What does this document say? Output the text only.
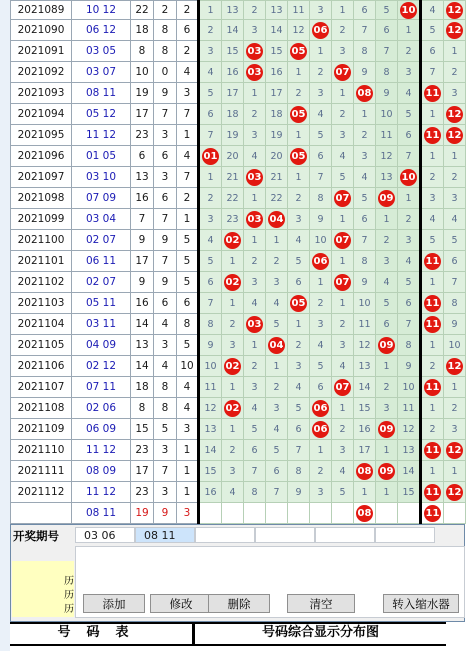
2021089	10 12	22	2	2	1	13	2	13	11	3	1	6	5	10	4	12
2021090	06 12	18	8	6	2	14	3	14	12	06	2	7	6	1	5	12
2021091	03 05	8	8	2	3	15	03	15	05	1	3	8	7	2	6	1
2021092	03 07	10	0	4	4	16	03	16	1	2	07	9	8	3	7	2
2021093	08 11	19	9	3	5	17	1	17	2	3	1	08	9	4	11	3
2021094	05 12	17	7	7	6	18	2	18	05	4	2	1	10	5	1	12
2021095	11 12	23	3	1	7	19	3	19	1	5	3	2	11	6	11	12
2021096	01 05	6	6	4	01	20	4	20	05	6	4	3	12	7	1	1
2021097	03 10	13	3	7	1	21	03	21	1	7	5	4	13	10	2	2
2021098	07 09	16	6	2	2	22	1	22	2	8	07	5	09	1	3	3
2021099	03 04	7	7	1	3	23	03	04	3	9	1	6	1	2	4	4
2021100	02 07	9	9	5	4	02	1	1	4	10	07	7	2	3	5	5
2021101	06 11	17	7	5	5	1	2	2	5	06	1	8	3	4	11	6
2021102	02 07	9	9	5	6	02	3	3	6	1	07	9	4	5	1	7
2021103	05 11	16	6	6	7	1	4	4	05	2	1	10	5	6	11	8
2021104	03 11	14	4	8	8	2	03	5	1	3	2	11	6	7	11	9
2021105	04 09	13	3	5	9	3	1	04	2	4	3	12	09	8	1	10
2021106	02 12	14	4	10	10	02	2	1	3	5	4	13	1	9	2	12
2021107	07 11	18	8	4	11	1	3	2	4	6	07	14	2	10	11	1
2021108	02 06	8	8	4	12	02	4	3	5	06	1	15	3	11	1	2
2021109	06 09	15	5	3	13	1	5	4	6	06	2	16	09	12	2	3
2021110	11 12	23	3	1	14	2	6	5	7	1	3	17	1	13	11	12
2021111	08 09	17	7	1	15	3	7	6	8	2	4	08	09	14	1	1
2021112	11 12	23	3	1	16	4	8	7	9	3	5	1	1	15	11	12
	08 11	19	9	3								08			11	
开奖期号	03 06	08 11
历
历
历	添加	修改	删除	清空	转入缩水器
号码表	号码综合显示分布图
